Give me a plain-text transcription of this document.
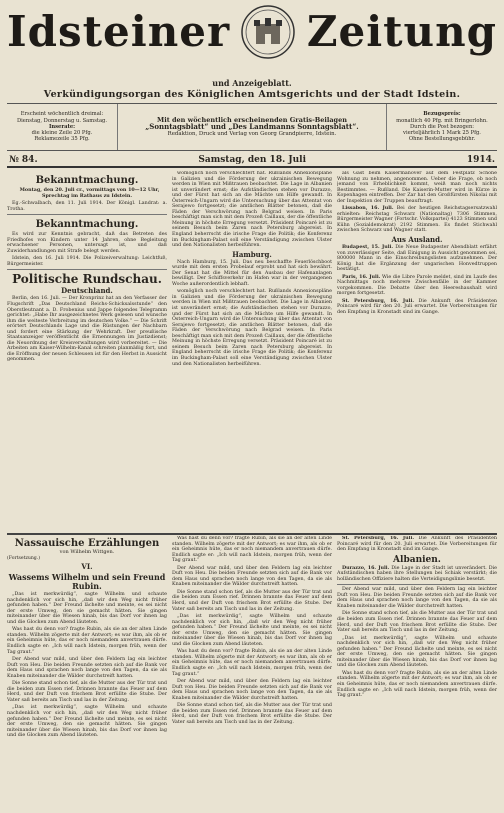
Idsteiner Zeitung
und Anzeigeblatt.
Verkündigungsorgan des Königlichen Amtsgerichts und der Stadt Idstein.
Erscheint wöchentlich dreimal:
Dienstag, Donnerstag u. Samstag.
Inserate:
die kleine Zeile 20 Pfg.
Reklamezeile 35 Pfg.
Mit den wöchentlich erscheinenden Gratis-Beilagen
„Sonntagsblatt“ und „Des Landmanns Sonntagsblatt“.
Redaktion, Druck und Verlag von Georg Grandpierre, Idstein.
Bezugspreis:
monatlich 40 Pfg. mit Bringerlohn.
Durch die Post bezogen:
vierteljährlich 1 Mark 25 Pfg.
Ohne Bestellungsgebühr.
№ 84.	Samstag, den 18. Juli	1914.
Bekanntmachung.

Montag, den 20. Juli cr., vormittags von 10—12 Uhr, Sprechtag im Rathaus zu Idstein.

Eg.-Schwalbach, den 11. Juli 1914. Der Königl. Landrat: a. Trotha.

Bekanntmachung.

Es wird zur Kenntnis gebracht, daß das Betreten des Friedhofes von Kindern unter 14 Jahren, ohne Begleitung erwachsener Personen, untersagt ist, und daß Zuwiderhandlungen mit Strafe belegt werden.

Idstein, den 16. Juli 1914. Die Polizeiverwaltung: Leichtfuß, Bürgermeister.

Politische Rundschau.
Deutschland.

Berlin, den 16. Juli. — Der Kronprinz hat an den Verfasser der Flugschrift „Das Deutschland Reichs-Schicksalsstunde“ den Oberstleutnant a. D. Frobenius und Jappe folgendes Telegramm gerichtet: „Habe Ihr ausgezeichnetes Werk gelesen und wünsche ihm die weiteste Verbreitung im deutschen Volke.“ — Die Schrift erörtert Deutschlands Lage und die Rüstungen der Nachbarn und fordert eine Stärkung der Wehrkraft. Der preußische Staatsanzeiger veröffentlicht die Ernennungen im Justizdienst; die Neuordnung der Kreisverwaltungen wird vorbereitet. — Die Arbeiten am Kaiser-Wilhelm-Kanal schreiten planmäßig fort, und die Eröffnung der neuen Schleusen ist für den Herbst in Aussicht genommen.

womöglich noch verschlechtert hat. Rußlands Annexionspläne in Galizien und die Förderung der ukrainischen Bewegung werden in Wien mit Mißtrauen beobachtet. Die Lage in Albanien ist unverändert ernst; die Aufständischen stehen vor Durazzo, und der Fürst hat sich an die Mächte um Hilfe gewandt. In Österreich-Ungarn wird die Untersuchung über das Attentat von Serajewo fortgesetzt; die amtlichen Blätter betonen, daß die Fäden der Verschwörung nach Belgrad weisen. In Paris beschäftigt man sich mit dem Prozeß Caillaux, der die öffentliche Meinung in höchste Erregung versetzt. Präsident Poincaré ist zu seinem Besuch beim Zaren nach Petersburg abgereist. In England beherrscht die irische Frage die Politik; die Konferenz im Buckingham-Palast soll eine Verständigung zwischen Ulster und den Nationalisten herbeiführen.

Hamburg.

Nach Hamburg, 15. Juli. Das neu beschaffte Feuerlöschboot wurde mit dem ersten Probelauf erprobt und hat sich bewährt. Der Senat hat die Mittel für den Ausbau der Hafenanlagen bewilligt. Der Schiffsverkehr im Hafen war in der vergangenen Woche außerordentlich lebhaft.

womöglich noch verschlechtert hat. Rußlands Annexionspläne in Galizien und die Förderung der ukrainischen Bewegung werden in Wien mit Mißtrauen beobachtet. Die Lage in Albanien ist unverändert ernst; die Aufständischen stehen vor Durazzo, und der Fürst hat sich an die Mächte um Hilfe gewandt. In Österreich-Ungarn wird die Untersuchung über das Attentat von Serajewo fortgesetzt; die amtlichen Blätter betonen, daß die Fäden der Verschwörung nach Belgrad weisen. In Paris beschäftigt man sich mit dem Prozeß Caillaux, der die öffentliche Meinung in höchste Erregung versetzt. Präsident Poincaré ist zu seinem Besuch beim Zaren nach Petersburg abgereist. In England beherrscht die irische Frage die Politik; die Konferenz im Buckingham-Palast soll eine Verständigung zwischen Ulster und den Nationalisten herbeiführen.

als Gast beim Kaisermanöver auf dem Festplatz Schöne Wohnung zu nehmen, angenommen. Ueber die Frage, ob noch jemand von Erheblichkeit kommt, weiß man noch nichts Bestimmtes. — Rußland. Die Kaiserin-Mutter wird in Kürze in Kopenhagen eintreffen. Der Zar hat den Großfürsten Nikolai mit der Inspektion der Truppen beauftragt.

Lissabon, 16. Juli. Bei der heutigen Reichstagsersatzwahl erhielten: Reichstag Schwarz (Nationaltag) 7306 Stimmen, Bürgermeister Wagner (Fortschr. Volkspartei) 4123 Stimmen und Kühn (Sozialdemokrat) 2192 Stimmen. Es findet Stichwahl zwischen Schwarz und Wagner statt.

Aus Ausland.

Budapest, 15. Juli. Die Neue Budapester Abendblatt erfährt von zuverlässiger Seite, daß Einigung in Aussicht genommen sei, 800000 Mann in die Einschreibungslisten aufzunehmen. Der König hat die Ergänzung der ungarischen Honvedtruppen bestätigt.

Paris, 16. Juli. Wie die Libre Parole meldet, sind im Laufe des Nachmittags noch mehrere Zwischenfälle in der Kammer vorgekommen. Die Debatte über den Heereshaushalt wird morgen fortgesetzt.

St. Petersburg, 16. Juli. Die Ankunft des Präsidenten Poincaré wird für den 20. Juli erwartet. Die Vorbereitungen für den Empfang in Kronstadt sind im Gange.

Nassauische Erzählungen
von Wilhelm Wittgen.
(Fortsetzung.)
VI.
Wassems Wilhelm und sein Freund Rubin.

„Das ist merkwürdig“, sagte Wilhelm und schaute nachdenklich vor sich hin, „daß wir den Weg nicht früher gefunden haben.“ Der Freund lächelte und meinte, es sei nicht der erste Umweg, den sie gemacht hätten. Sie gingen miteinander über die Wiesen hinab, bis das Dorf vor ihnen lag und die Glocken zum Abend läuteten.

Was hast du denn vor? fragte Rubin, als sie an der alten Linde standen. Wilhelm zögerte mit der Antwort; es war ihm, als ob er ein Geheimnis hüte, das er noch niemandem anvertrauen dürfe. Endlich sagte er: „Ich will nach Idstein, morgen früh, wenn der Tag graut.“

Der Abend war mild, und über den Feldern lag ein leichter Duft von Heu. Die beiden Freunde setzten sich auf die Bank vor dem Haus und sprachen noch lange von den Tagen, da sie als Knaben miteinander die Wälder durchstreift hatten.

Die Sonne stand schon tief, als die Mutter aus der Tür trat und die beiden zum Essen rief. Drinnen brannte das Feuer auf dem Herd, und der Duft von frischem Brot erfüllte die Stube. Der Vater saß bereits am Tisch und las in der Zeitung.

„Das ist merkwürdig“, sagte Wilhelm und schaute nachdenklich vor sich hin, „daß wir den Weg nicht früher gefunden haben.“ Der Freund lächelte und meinte, es sei nicht der erste Umweg, den sie gemacht hätten. Sie gingen miteinander über die Wiesen hinab, bis das Dorf vor ihnen lag und die Glocken zum Abend läuteten.

Was hast du denn vor? fragte Rubin, als sie an der alten Linde standen. Wilhelm zögerte mit der Antwort; es war ihm, als ob er ein Geheimnis hüte, das er noch niemandem anvertrauen dürfe. Endlich sagte er: „Ich will nach Idstein, morgen früh, wenn der Tag graut.“

Der Abend war mild, und über den Feldern lag ein leichter Duft von Heu. Die beiden Freunde setzten sich auf die Bank vor dem Haus und sprachen noch lange von den Tagen, da sie als Knaben miteinander die Wälder durchstreift hatten.

Die Sonne stand schon tief, als die Mutter aus der Tür trat und die beiden zum Essen rief. Drinnen brannte das Feuer auf dem Herd, und der Duft von frischem Brot erfüllte die Stube. Der Vater saß bereits am Tisch und las in der Zeitung.

„Das ist merkwürdig“, sagte Wilhelm und schaute nachdenklich vor sich hin, „daß wir den Weg nicht früher gefunden haben.“ Der Freund lächelte und meinte, es sei nicht der erste Umweg, den sie gemacht hätten. Sie gingen miteinander über die Wiesen hinab, bis das Dorf vor ihnen lag und die Glocken zum Abend läuteten.

Was hast du denn vor? fragte Rubin, als sie an der alten Linde standen. Wilhelm zögerte mit der Antwort; es war ihm, als ob er ein Geheimnis hüte, das er noch niemandem anvertrauen dürfe. Endlich sagte er: „Ich will nach Idstein, morgen früh, wenn der Tag graut.“

Der Abend war mild, und über den Feldern lag ein leichter Duft von Heu. Die beiden Freunde setzten sich auf die Bank vor dem Haus und sprachen noch lange von den Tagen, da sie als Knaben miteinander die Wälder durchstreift hatten.

Die Sonne stand schon tief, als die Mutter aus der Tür trat und die beiden zum Essen rief. Drinnen brannte das Feuer auf dem Herd, und der Duft von frischem Brot erfüllte die Stube. Der Vater saß bereits am Tisch und las in der Zeitung.

St. Petersburg, 16. Juli. Die Ankunft des Präsidenten Poincaré wird für den 20. Juli erwartet. Die Vorbereitungen für den Empfang in Kronstadt sind im Gange.

Albanien.

Durazzo, 16. Juli. Die Lage in der Stadt ist unverändert. Die Aufständischen haben ihre Stellungen bei Schiak verstärkt; die holländischen Offiziere halten die Verteidigungslinie besetzt.

Der Abend war mild, und über den Feldern lag ein leichter Duft von Heu. Die beiden Freunde setzten sich auf die Bank vor dem Haus und sprachen noch lange von den Tagen, da sie als Knaben miteinander die Wälder durchstreift hatten.

Die Sonne stand schon tief, als die Mutter aus der Tür trat und die beiden zum Essen rief. Drinnen brannte das Feuer auf dem Herd, und der Duft von frischem Brot erfüllte die Stube. Der Vater saß bereits am Tisch und las in der Zeitung.

„Das ist merkwürdig“, sagte Wilhelm und schaute nachdenklich vor sich hin, „daß wir den Weg nicht früher gefunden haben.“ Der Freund lächelte und meinte, es sei nicht der erste Umweg, den sie gemacht hätten. Sie gingen miteinander über die Wiesen hinab, bis das Dorf vor ihnen lag und die Glocken zum Abend läuteten.

Was hast du denn vor? fragte Rubin, als sie an der alten Linde standen. Wilhelm zögerte mit der Antwort; es war ihm, als ob er ein Geheimnis hüte, das er noch niemandem anvertrauen dürfe. Endlich sagte er: „Ich will nach Idstein, morgen früh, wenn der Tag graut.“
